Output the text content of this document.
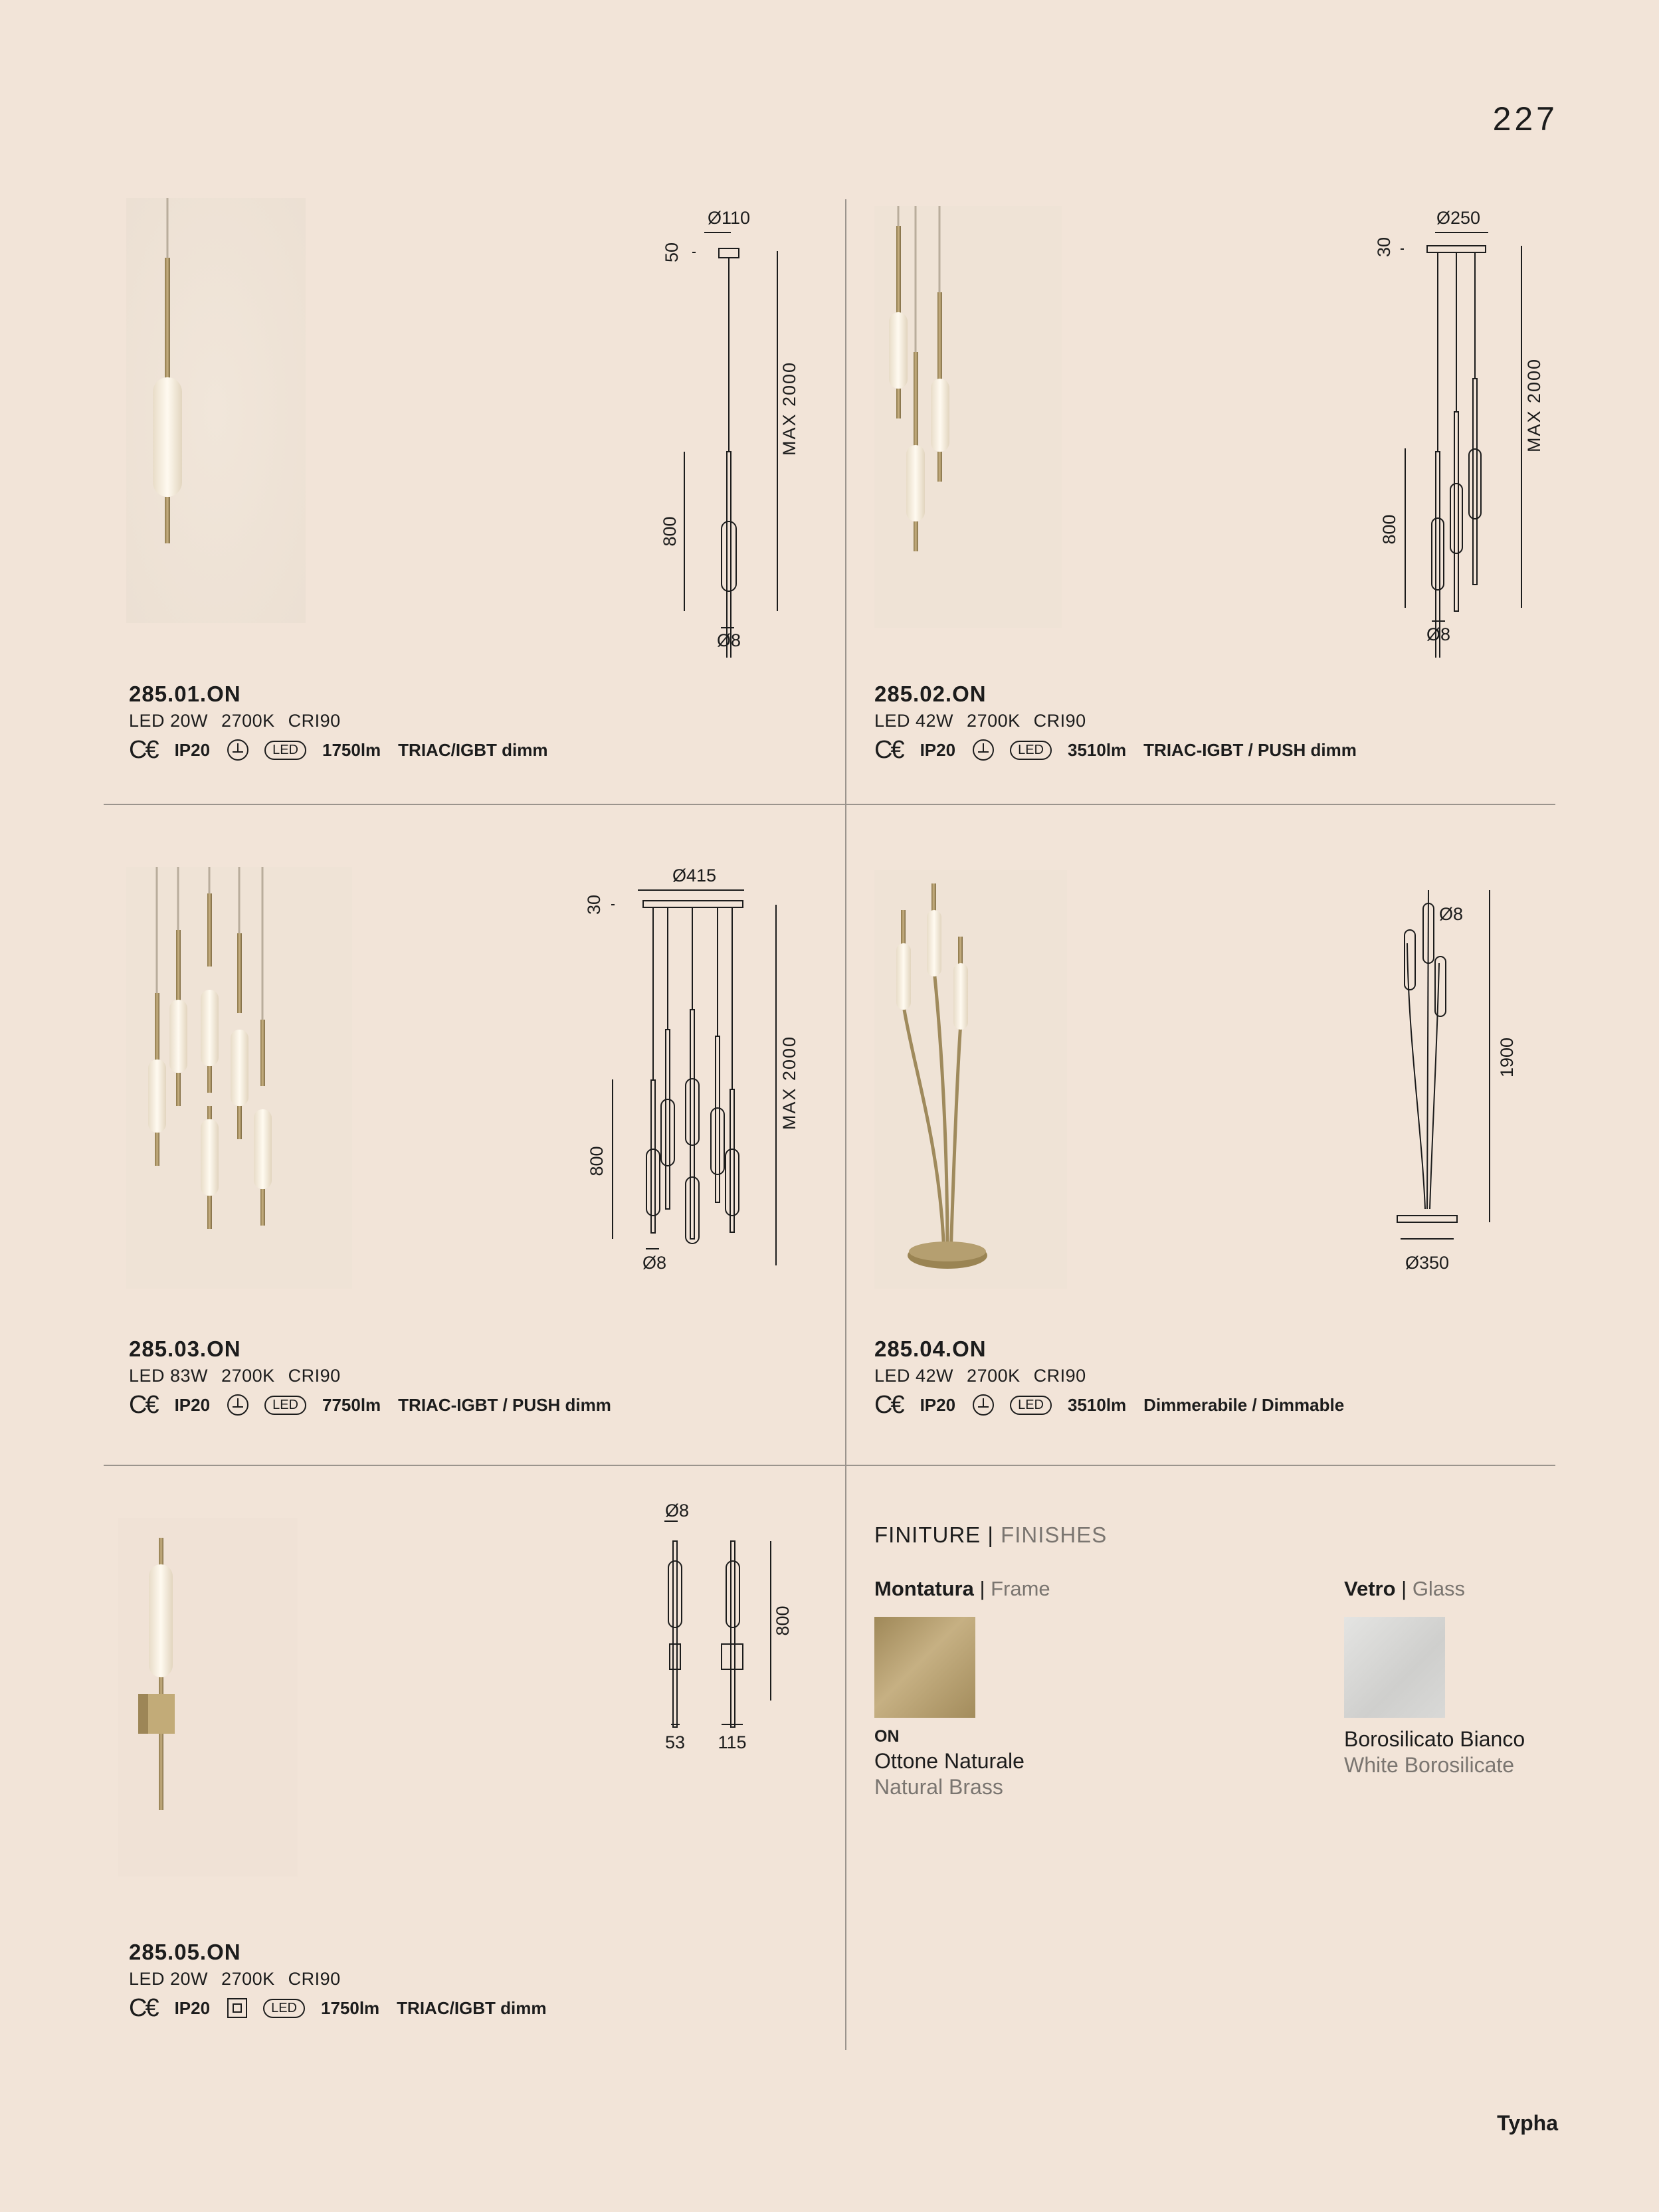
227
Ø110
50
MAX 2000
800
Ø8
285.01.ON
LED 20W 2700K CRI90
C€ IP20	LED	1750lm TRIAC/IGBT dimm
Ø250
30
MAX 2000
800
Ø8
285.02.ON
LED 42W 2700K CRI90
C€ IP20	LED	3510lm TRIAC-IGBT / PUSH dimm
Ø415
30
MAX 2000
800
Ø8
285.03.ON
LED 83W 2700K CRI90
C€ IP20	LED	7750lm TRIAC-IGBT / PUSH dimm
Ø8
1900
Ø350
285.04.ON
LED 42W 2700K CRI90
C€ IP20	LED	3510lm Dimmerabile / Dimmable
Ø8
800
53 115
285.05.ON
LED 20W 2700K CRI90
C€ IP20	LED	1750lm TRIAC/IGBT dimm
FINITURE | FINISHES
Montatura | Frame
ON
Ottone Naturale
Natural Brass
Vetro | Glass
Borosilicato Bianco
White Borosilicate
Typha
